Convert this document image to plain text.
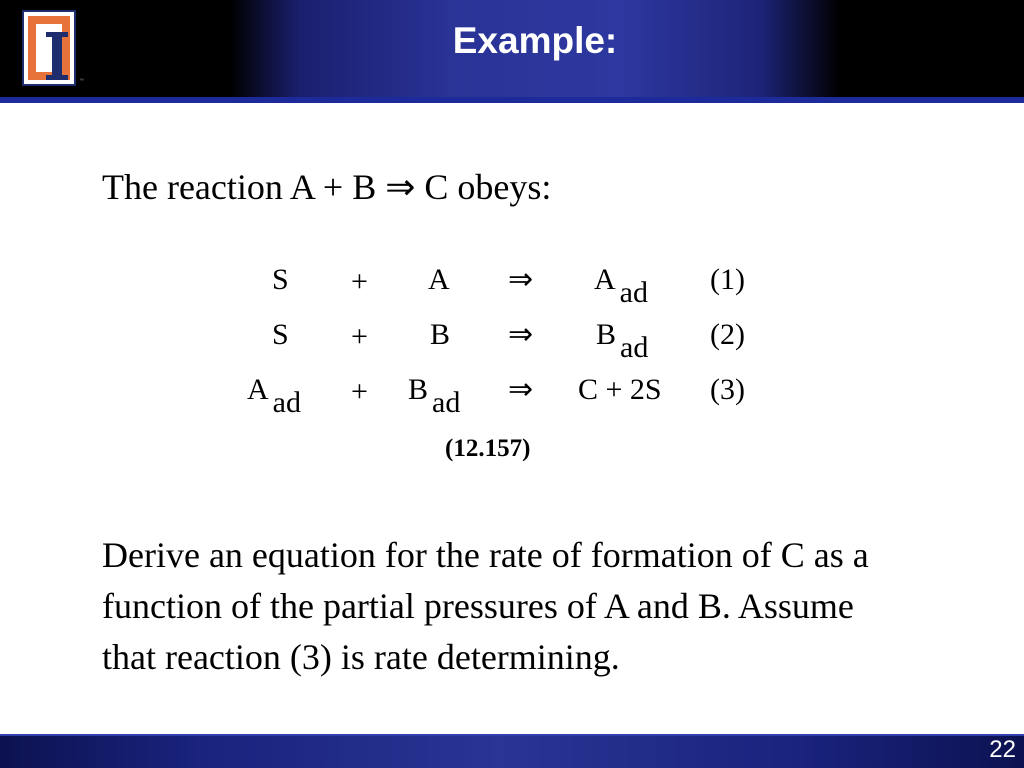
™
Example:

The reaction A + B ⇒ C obeys:

S + A ⇒ A $_{ad}$ (1)
S + B ⇒ B $_{ad}$ (2)
A $_{ad}$ + B $_{ad}$ ⇒ C + 2S (3)
(12.157)

Derive an equation for the rate of formation of C as a function of the partial pressures of A and B. Assume that reaction (3) is rate determining.

22
